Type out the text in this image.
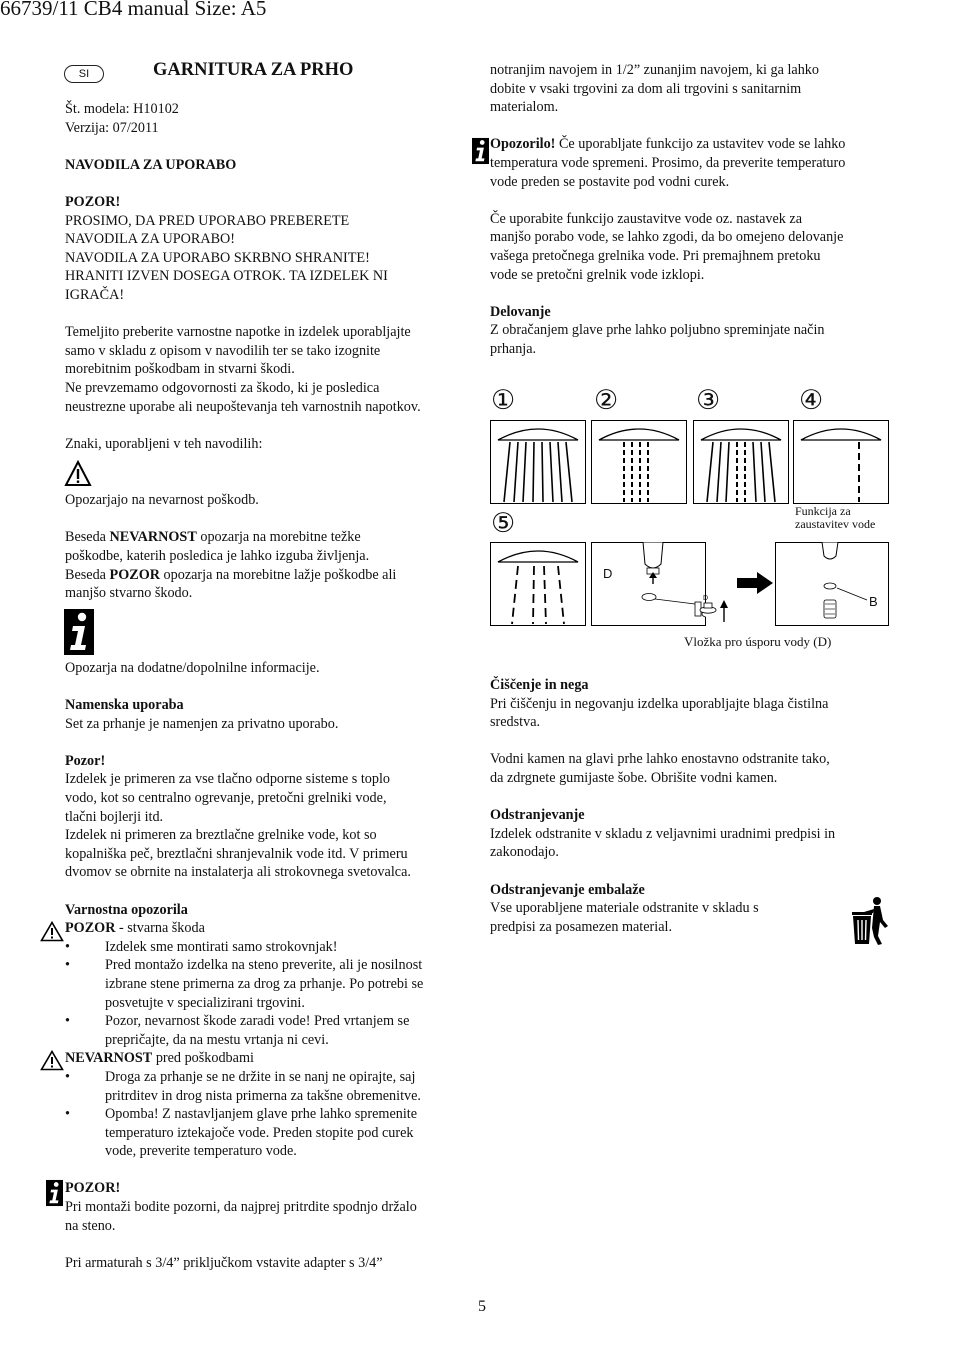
66739/11 CB4 manual Size: A5
SI	GARNITURA ZA PRHO

Št. modela: H10102

Verzija: 07/2011

NAVODILA ZA UPORABO

POZOR!

PROSIMO, DA PRED UPORABO PREBERETE

NAVODILA ZA UPORABO!

NAVODILA ZA UPORABO SKRBNO SHRANITE!

HRANITI IZVEN DOSEGA OTROK. TA IZDELEK NI

IGRAČA!

Temeljito preberite varnostne napotke in izdelek uporabljajte

samo v skladu z opisom v navodilih ter se tako izognite

morebitnim poškodbam in stvarni škodi.

Ne prevzemamo odgovornosti za škodo, ki je posledica

neustrezne uporabe ali neupoštevanja teh varnostnih napotkov.

Znaki, uporabljeni v teh navodilih:

Opozarjajo na nevarnost poškodb.

Beseda NEVARNOST opozarja na morebitne težke

poškodbe, katerih posledica je lahko izguba življenja.

Beseda POZOR opozarja na morebitne lažje poškodbe ali

manjšo stvarno škodo.

Opozarja na dodatne/dopolnilne informacije.

Namenska uporaba

Set za prhanje je namenjen za privatno uporabo.

Pozor!

Izdelek je primeren za vse tlačno odporne sisteme s toplo

vodo, kot so centralno ogrevanje, pretočni grelniki vode,

tlačni bojlerji itd.

Izdelek ni primeren za breztlačne grelnike vode, kot so

kopalniška peč, breztlačni shranjevalnik vode itd. V primeru

dvomov se obrnite na instalaterja ali strokovnega svetovalca.

Varnostna opozorila

POZOR - stvarna škoda

• Izdelek sme montirati samo strokovnjak!

• Pred montažo izdelka na steno preverite, ali je nosilnost

izbrane stene primerna za drog za prhanje. Po potrebi se

posvetujte v specializirani trgovini.

• Pozor, nevarnost škode zaradi vode! Pred vrtanjem se

prepričajte, da na mestu vrtanja ni cevi.

NEVARNOST pred poškodbami

• Droga za prhanje se ne držite in se nanj ne opirajte, saj

pritrditev in drog nista primerna za takšne obremenitve.

• Opomba! Z nastavljanjem glave prhe lahko spremenite

temperaturo iztekajoče vode. Preden stopite pod curek

vode, preverite temperaturo vode.

POZOR!

Pri montaži bodite pozorni, da najprej pritrdite spodnjo držalo

na steno.

Pri armaturah s 3/4” priključkom vstavite adapter s 3/4”

notranjim navojem in 1/2” zunanjim navojem, ki ga lahko

dobite v vsaki trgovini za dom ali trgovini s sanitarnim

materialom.

Opozorilo! Če uporabljate funkcijo za ustavitev vode se lahko

temperatura vode spremeni. Prosimo, da preverite temperaturo

vode preden se postavite pod vodni curek.

Če uporabite funkcijo zaustavitve vode oz. nastavek za

manjšo porabo vode, se lahko zgodi, da bo omejeno delovanje

vašega pretočnega grelnika vode. Pri premajhnem pretoku

vode se pretočni grelnik vode izklopi.

Delovanje

Z obračanjem glave prhe lahko poljubno spreminjate način

prhanja.

①	②	③	④
⑤	Funkcija za
zaustavitev vode
D
D	B
Vložka pro úsporu vody (D)

Čiščenje in nega

Pri čiščenju in negovanju izdelka uporabljajte blaga čistilna

sredstva.

Vodni kamen na glavi prhe lahko enostavno odstranite tako,

da zdrgnete gumijaste šobe. Obrišite vodni kamen.

Odstranjevanje

Izdelek odstranite v skladu z veljavnimi uradnimi predpisi in

zakonodajo.

Odstranjevanje embalaže

Vse uporabljene materiale odstranite v skladu s

predpisi za posamezen material.

5
